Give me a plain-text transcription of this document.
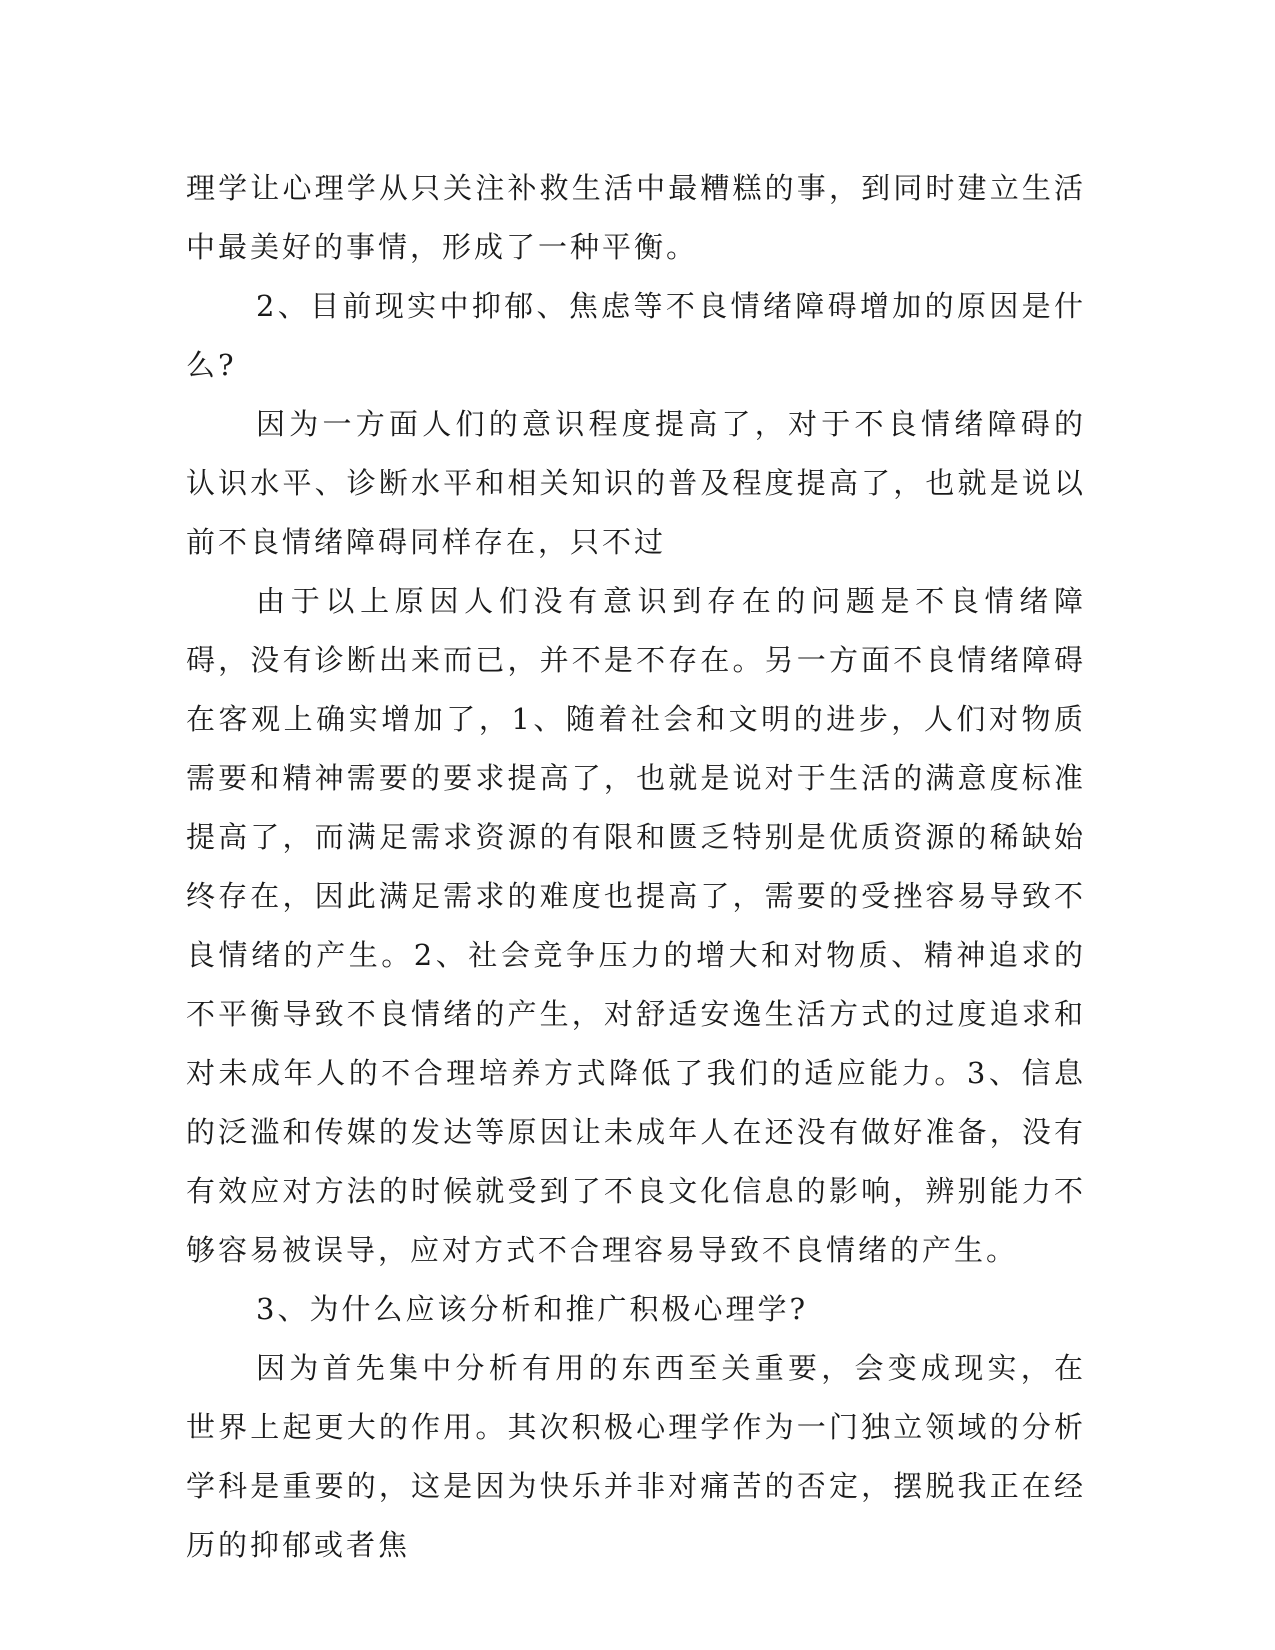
理学让心理学从只关注补救生活中最糟糕的事，到同时建立生活中最美好的事情，形成了一种平衡。

2、目前现实中抑郁、焦虑等不良情绪障碍增加的原因是什么?

因为一方面人们的意识程度提高了，对于不良情绪障碍的认识水平、诊断水平和相关知识的普及程度提高了，也就是说以前不良情绪障碍同样存在，只不过

由于以上原因人们没有意识到存在的问题是不良情绪障碍，没有诊断出来而已，并不是不存在。另一方面不良情绪障碍在客观上确实增加了，1、随着社会和文明的进步，人们对物质需要和精神需要的要求提高了，也就是说对于生活的满意度标准提高了，而满足需求资源的有限和匮乏特别是优质资源的稀缺始终存在，因此满足需求的难度也提高了，需要的受挫容易导致不良情绪的产生。2、社会竞争压力的增大和对物质、精神追求的不平衡导致不良情绪的产生，对舒适安逸生活方式的过度追求和对未成年人的不合理培养方式降低了我们的适应能力。3、信息的泛滥和传媒的发达等原因让未成年人在还没有做好准备，没有有效应对方法的时候就受到了不良文化信息的影响，辨别能力不够容易被误导，应对方式不合理容易导致不良情绪的产生。

3、为什么应该分析和推广积极心理学?

因为首先集中分析有用的东西至关重要，会变成现实，在世界上起更大的作用。其次积极心理学作为一门独立领域的分析学科是重要的，这是因为快乐并非对痛苦的否定，摆脱我正在经历的抑郁或者焦
